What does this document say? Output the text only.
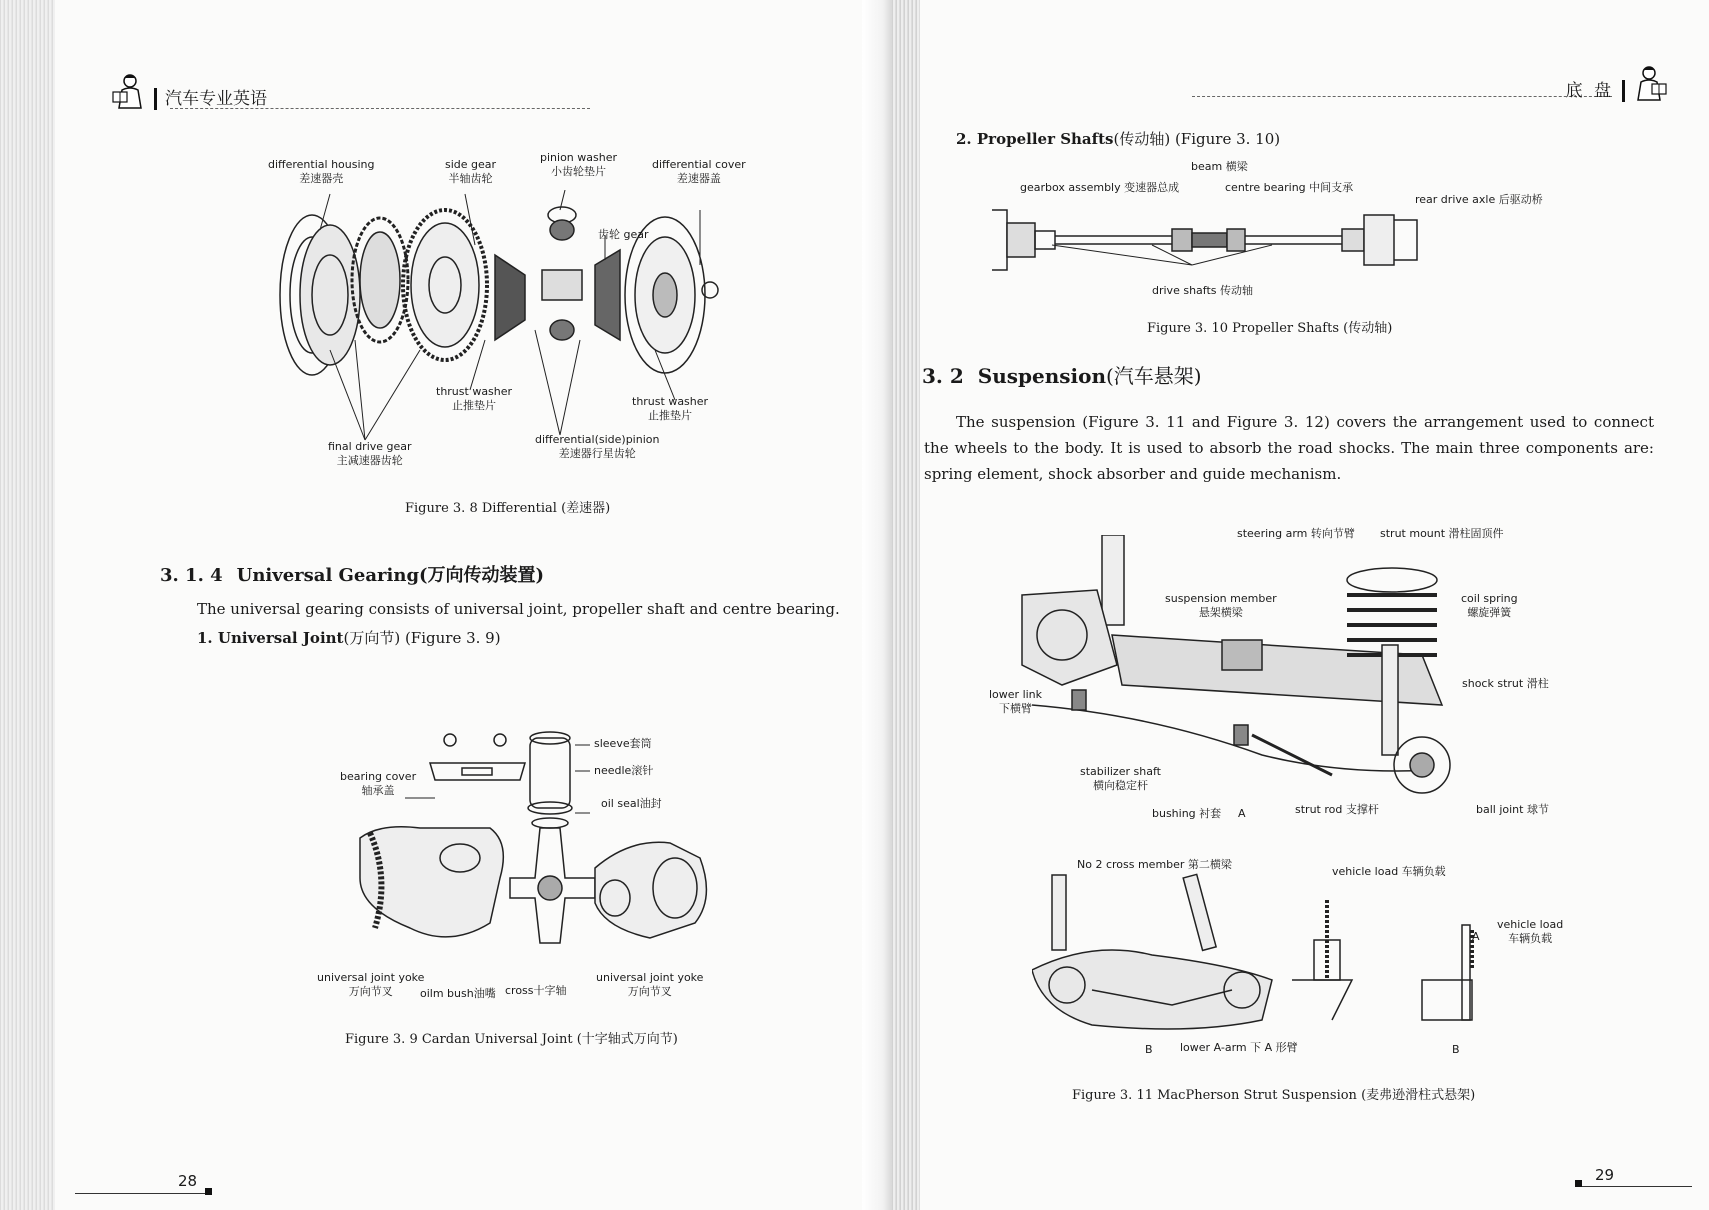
汽车专业英语
differential housing
差速器壳
side gear
半轴齿轮
pinion washer
小齿轮垫片
differential cover
差速器盖
齿轮 gear
thrust washer
止推垫片	thrust washer
止推垫片
final drive gear
主减速器齿轮
differential(side)pinion
差速器行星齿轮
Figure 3. 8 Differential (差速器)
3. 1. 4 Universal Gearing(万向传动装置)
The universal gearing consists of universal joint, propeller shaft and centre bearing.
1. Universal Joint(万向节) (Figure 3. 9)
sleeve套筒
needle滚针
bearing cover
轴承盖
oil seal油封
universal joint yoke
万向节叉	oilm bush油嘴 cross十字轴
universal joint yoke
万向节叉
Figure 3. 9 Cardan Universal Joint (十字轴式万向节)
28
底 盘
2. Propeller Shafts(传动轴) (Figure 3. 10)
beam 横梁
gearbox assembly 变速器总成	centre bearing 中间支承
rear drive axle 后驱动桥
drive shafts 传动轴
Figure 3. 10 Propeller Shafts (传动轴)
3. 2 Suspension(汽车悬架)
The suspension (Figure 3. 11 and Figure 3. 12) covers the arrangement used to connect the wheels to the body. It is used to absorb the road shocks. The main three components are: spring element, shock absorber and guide mechanism.
steering arm 转向节臂 strut mount 滑柱固顶件
suspension member
悬架横梁
coil spring
螺旋弹簧
lower link
下横臂
shock strut 滑柱
stabilizer shaft
横向稳定杆
bushing 衬套 A	strut rod 支撑杆	ball joint 球节
No 2 cross member 第二横梁
vehicle load 车辆负载
vehicle load
车辆负载
A
B lower A-arm 下 A 形臂	B
Figure 3. 11 MacPherson Strut Suspension (麦弗逊滑柱式悬架)
29
